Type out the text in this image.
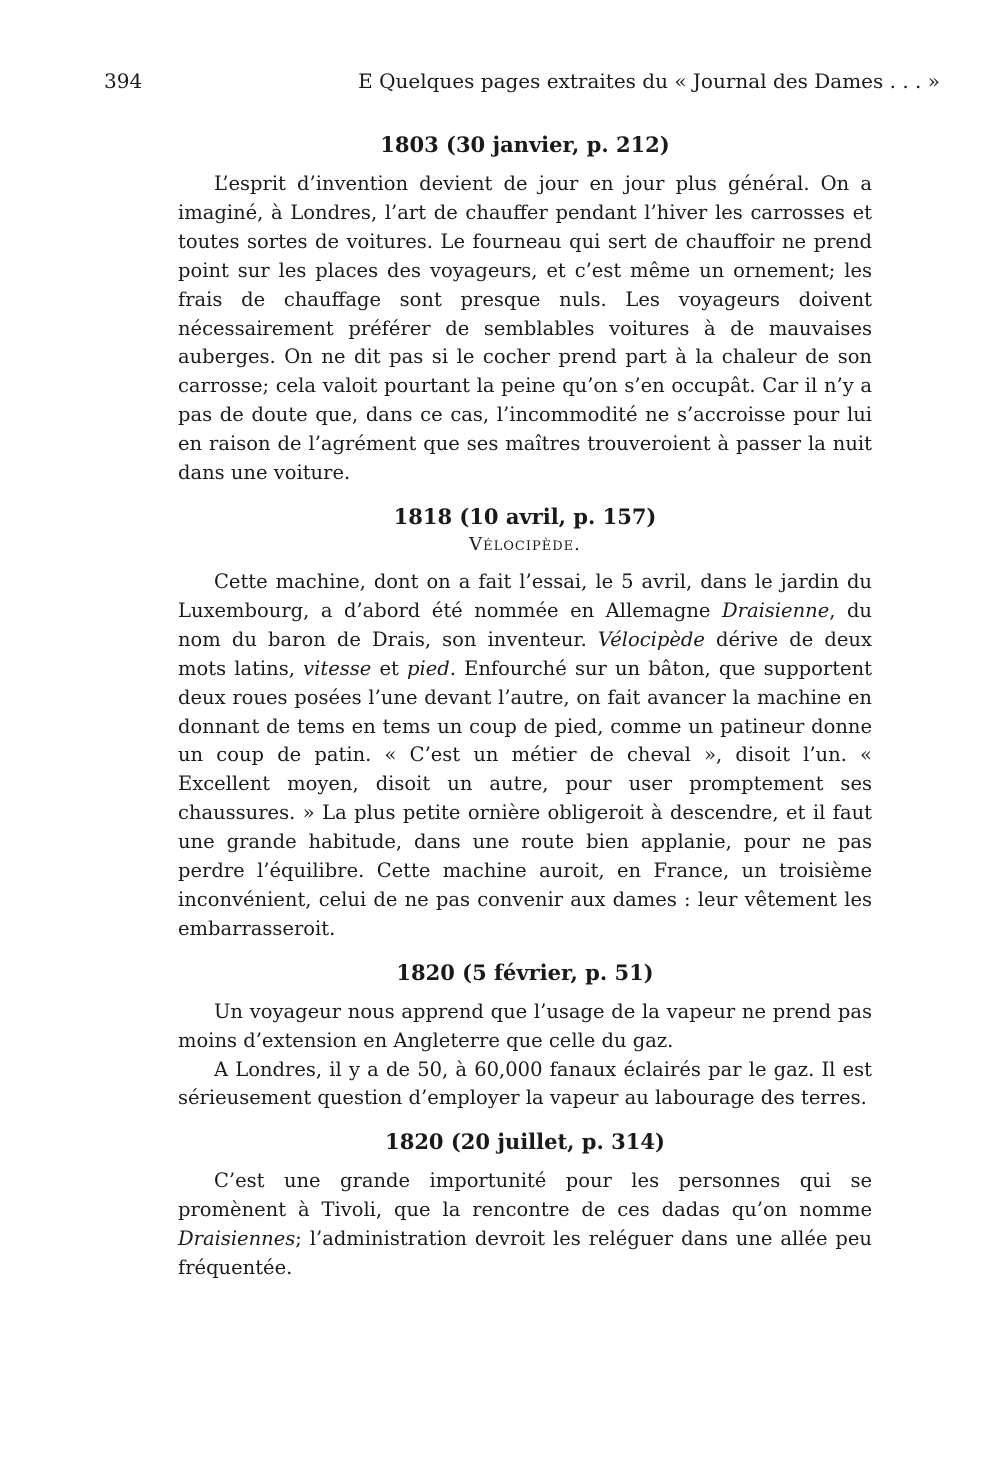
394	E Quelques pages extraites du « Journal des Dames . . . »
1803 (30 janvier, p. 212)

L’esprit d’invention devient de jour en jour plus général. On a imaginé, à Londres, l’art de chauffer pendant l’hiver les carrosses et toutes sortes de voitures. Le fourneau qui sert de chauffoir ne prend point sur les places des voyageurs, et c’est même un ornement; les frais de chauffage sont presque nuls. Les voyageurs doivent nécessairement préférer de semblables voitures à de mauvaises auberges. On ne dit pas si le cocher prend part à la chaleur de son carrosse; cela valoit pourtant la peine qu’on s’en occupât. Car il n’y a pas de doute que, dans ce cas, l’incommodité ne s’accroisse pour lui en raison de l’agrément que ses maîtres trouveroient à passer la nuit dans une voiture.

1818 (10 avril, p. 157)
Vélocipède.

Cette machine, dont on a fait l’essai, le 5 avril, dans le jardin du Luxembourg, a d’abord été nommée en Allemagne Draisienne, du nom du baron de Drais, son inventeur. Vélocipède dérive de deux mots latins, vitesse et pied. Enfourché sur un bâton, que supportent deux roues posées l’une devant l’autre, on fait avancer la machine en donnant de tems en tems un coup de pied, comme un patineur donne un coup de patin. « C’est un métier de cheval », disoit l’un. « Excellent moyen, disoit un autre, pour user promptement ses chaussures. » La plus petite ornière obligeroit à descendre, et il faut une grande habitude, dans une route bien applanie, pour ne pas perdre l’équilibre. Cette machine auroit, en France, un troisième inconvénient, celui de ne pas convenir aux dames : leur vêtement les embarrasseroit.

1820 (5 février, p. 51)

Un voyageur nous apprend que l’usage de la vapeur ne prend pas moins d’extension en Angleterre que celle du gaz.

A Londres, il y a de 50, à 60,000 fanaux éclairés par le gaz. Il est sérieusement question d’employer la vapeur au labourage des terres.

1820 (20 juillet, p. 314)

C’est une grande importunité pour les personnes qui se promènent à Tivoli, que la rencontre de ces dadas qu’on nomme Draisiennes; l’administration devroit les reléguer dans une allée peu fréquentée.
